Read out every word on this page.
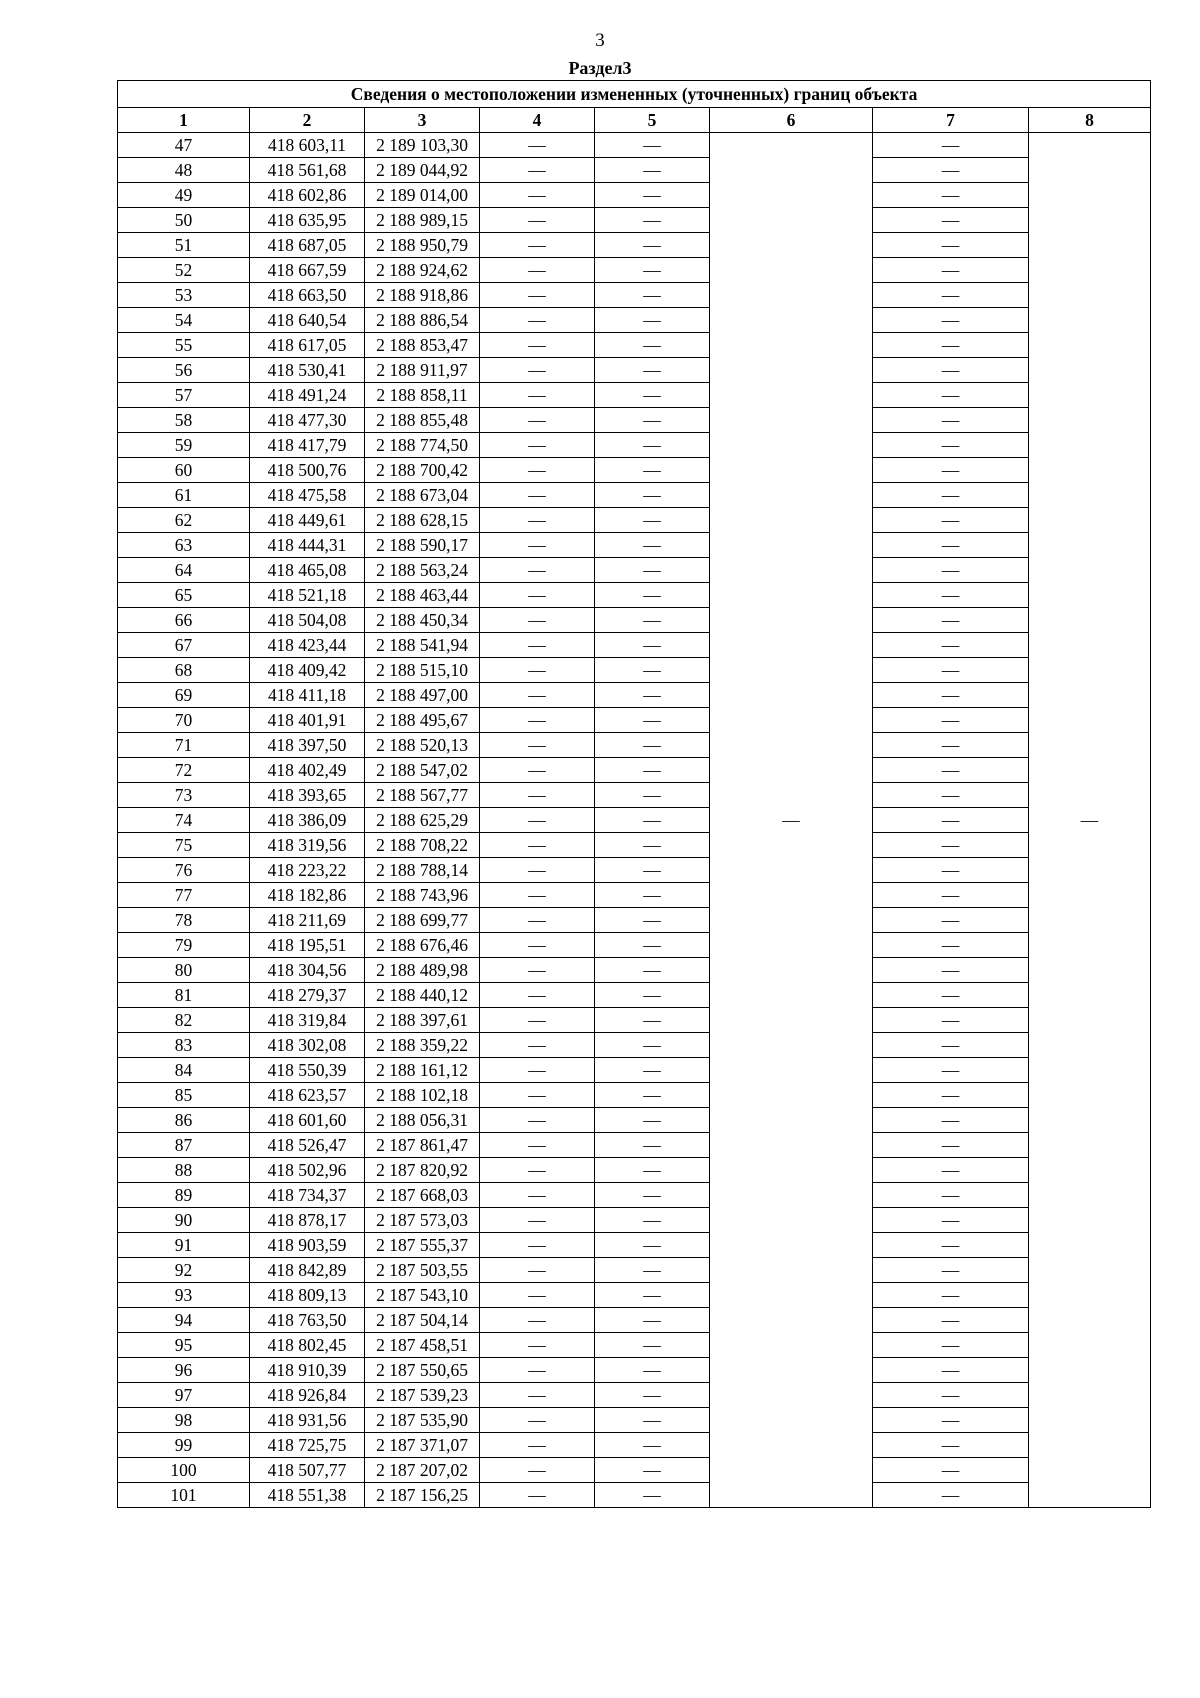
3
Раздел3
Сведения о местоположении измененных (уточненных) границ объекта							
1	2	3	4	5	6	7	8
47	418 603,11	2 189 103,30	—	—	—	—	—
48	418 561,68	2 189 044,92	—	—		—	
49	418 602,86	2 189 014,00	—	—		—	
50	418 635,95	2 188 989,15	—	—		—	
51	418 687,05	2 188 950,79	—	—		—	
52	418 667,59	2 188 924,62	—	—		—	
53	418 663,50	2 188 918,86	—	—		—	
54	418 640,54	2 188 886,54	—	—		—	
55	418 617,05	2 188 853,47	—	—		—	
56	418 530,41	2 188 911,97	—	—		—	
57	418 491,24	2 188 858,11	—	—		—	
58	418 477,30	2 188 855,48	—	—		—	
59	418 417,79	2 188 774,50	—	—		—	
60	418 500,76	2 188 700,42	—	—		—	
61	418 475,58	2 188 673,04	—	—		—	
62	418 449,61	2 188 628,15	—	—		—	
63	418 444,31	2 188 590,17	—	—		—	
64	418 465,08	2 188 563,24	—	—		—	
65	418 521,18	2 188 463,44	—	—		—	
66	418 504,08	2 188 450,34	—	—		—	
67	418 423,44	2 188 541,94	—	—		—	
68	418 409,42	2 188 515,10	—	—		—	
69	418 411,18	2 188 497,00	—	—		—	
70	418 401,91	2 188 495,67	—	—		—	
71	418 397,50	2 188 520,13	—	—		—	
72	418 402,49	2 188 547,02	—	—		—	
73	418 393,65	2 188 567,77	—	—		—	
74	418 386,09	2 188 625,29	—	—		—	
75	418 319,56	2 188 708,22	—	—		—	
76	418 223,22	2 188 788,14	—	—		—	
77	418 182,86	2 188 743,96	—	—		—	
78	418 211,69	2 188 699,77	—	—		—	
79	418 195,51	2 188 676,46	—	—		—	
80	418 304,56	2 188 489,98	—	—		—	
81	418 279,37	2 188 440,12	—	—		—	
82	418 319,84	2 188 397,61	—	—		—	
83	418 302,08	2 188 359,22	—	—		—	
84	418 550,39	2 188 161,12	—	—		—	
85	418 623,57	2 188 102,18	—	—		—	
86	418 601,60	2 188 056,31	—	—		—	
87	418 526,47	2 187 861,47	—	—		—	
88	418 502,96	2 187 820,92	—	—		—	
89	418 734,37	2 187 668,03	—	—		—	
90	418 878,17	2 187 573,03	—	—		—	
91	418 903,59	2 187 555,37	—	—		—	
92	418 842,89	2 187 503,55	—	—		—	
93	418 809,13	2 187 543,10	—	—		—	
94	418 763,50	2 187 504,14	—	—		—	
95	418 802,45	2 187 458,51	—	—		—	
96	418 910,39	2 187 550,65	—	—		—	
97	418 926,84	2 187 539,23	—	—		—	
98	418 931,56	2 187 535,90	—	—		—	
99	418 725,75	2 187 371,07	—	—		—	
100	418 507,77	2 187 207,02	—	—		—	
101	418 551,38	2 187 156,25	—	—		—	
